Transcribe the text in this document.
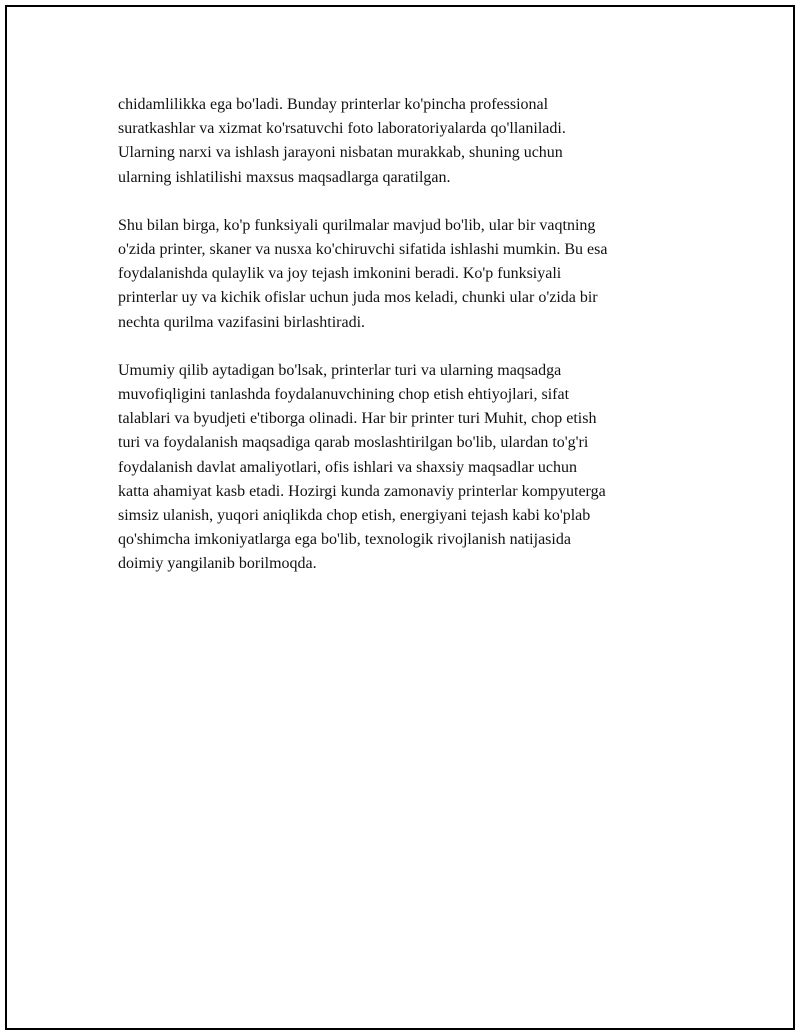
chidamlilikka ega bo'ladi. Bunday printerlar ko'pincha professional
suratkashlar va xizmat ko'rsatuvchi foto laboratoriyalarda qo'llaniladi.
Ularning narxi va ishlash jarayoni nisbatan murakkab, shuning uchun
ularning ishlatilishi maxsus maqsadlarga qaratilgan.

Shu bilan birga, ko'p funksiyali qurilmalar mavjud bo'lib, ular bir vaqtning
o'zida printer, skaner va nusxa ko'chiruvchi sifatida ishlashi mumkin. Bu esa
foydalanishda qulaylik va joy tejash imkonini beradi. Ko'p funksiyali
printerlar uy va kichik ofislar uchun juda mos keladi, chunki ular o'zida bir
nechta qurilma vazifasini birlashtiradi.

Umumiy qilib aytadigan bo'lsak, printerlar turi va ularning maqsadga
muvofiqligini tanlashda foydalanuvchining chop etish ehtiyojlari, sifat
talablari va byudjeti e'tiborga olinadi. Har bir printer turi Muhit, chop etish
turi va foydalanish maqsadiga qarab moslashtirilgan bo'lib, ulardan to'g'ri
foydalanish davlat amaliyotlari, ofis ishlari va shaxsiy maqsadlar uchun
katta ahamiyat kasb etadi. Hozirgi kunda zamonaviy printerlar kompyuterga
simsiz ulanish, yuqori aniqlikda chop etish, energiyani tejash kabi ko'plab
qo'shimcha imkoniyatlarga ega bo'lib, texnologik rivojlanish natijasida
doimiy yangilanib borilmoqda.
